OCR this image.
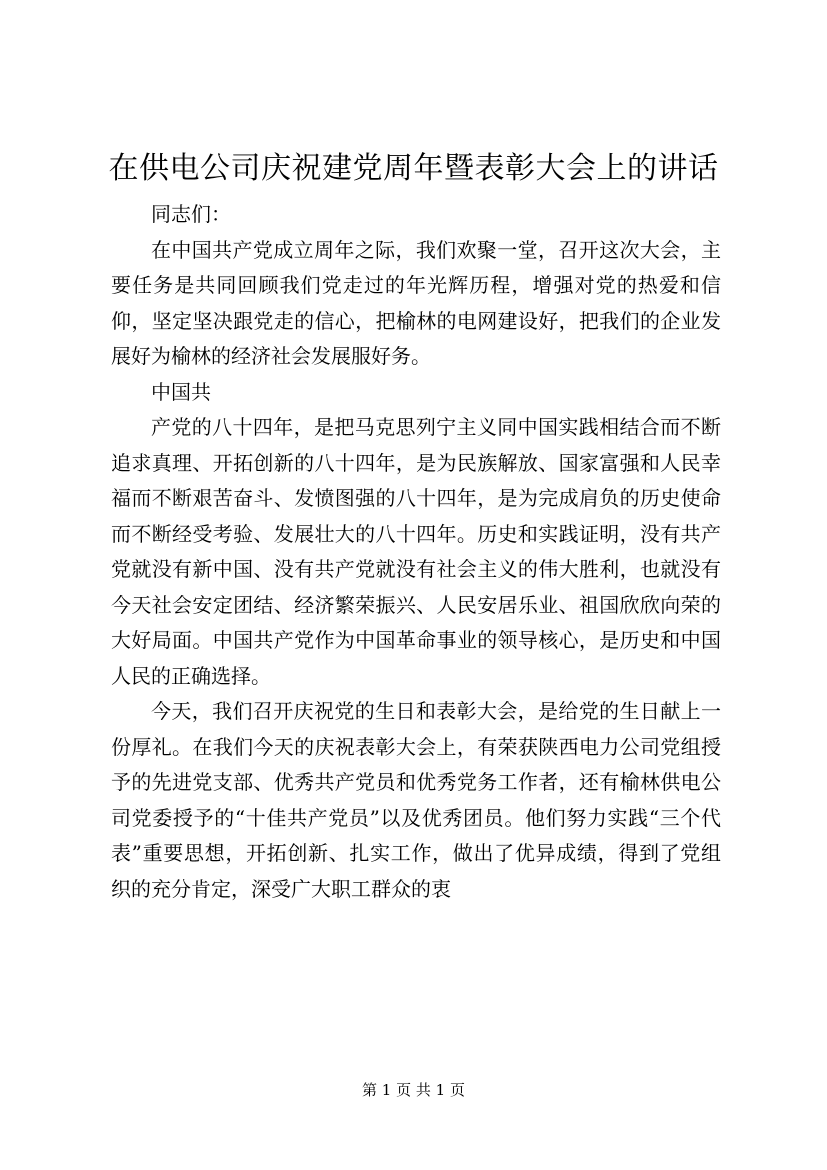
在供电公司庆祝建党周年暨表彰大会上的讲话

同志们：

在中国共产党成立周年之际，我们欢聚一堂，召开这次大会，主要任务是共同回顾我们党走过的年光辉历程，增强对党的热爱和信仰，坚定坚决跟党走的信心，把榆林的电网建设好，把我们的企业发展好为榆林的经济社会发展服好务。

中国共

产党的八十四年，是把马克思列宁主义同中国实践相结合而不断追求真理、开拓创新的八十四年，是为民族解放、国家富强和人民幸福而不断艰苦奋斗、发愤图强的八十四年，是为完成肩负的历史使命而不断经受考验、发展壮大的八十四年。历史和实践证明，没有共产党就没有新中国、没有共产党就没有社会主义的伟大胜利，也就没有今天社会安定团结、经济繁荣振兴、人民安居乐业、祖国欣欣向荣的大好局面。中国共产党作为中国革命事业的领导核心，是历史和中国人民的正确选择。

今天，我们召开庆祝党的生日和表彰大会，是给党的生日献上一份厚礼。在我们今天的庆祝表彰大会上，有荣获陕西电力公司党组授予的先进党支部、优秀共产党员和优秀党务工作者，还有榆林供电公司党委授予的“十佳共产党员”以及优秀团员。他们努力实践“三个代表”重要思想，开拓创新、扎实工作，做出了优异成绩，得到了党组织的充分肯定，深受广大职工群众的衷

第 1 页 共 1 页
